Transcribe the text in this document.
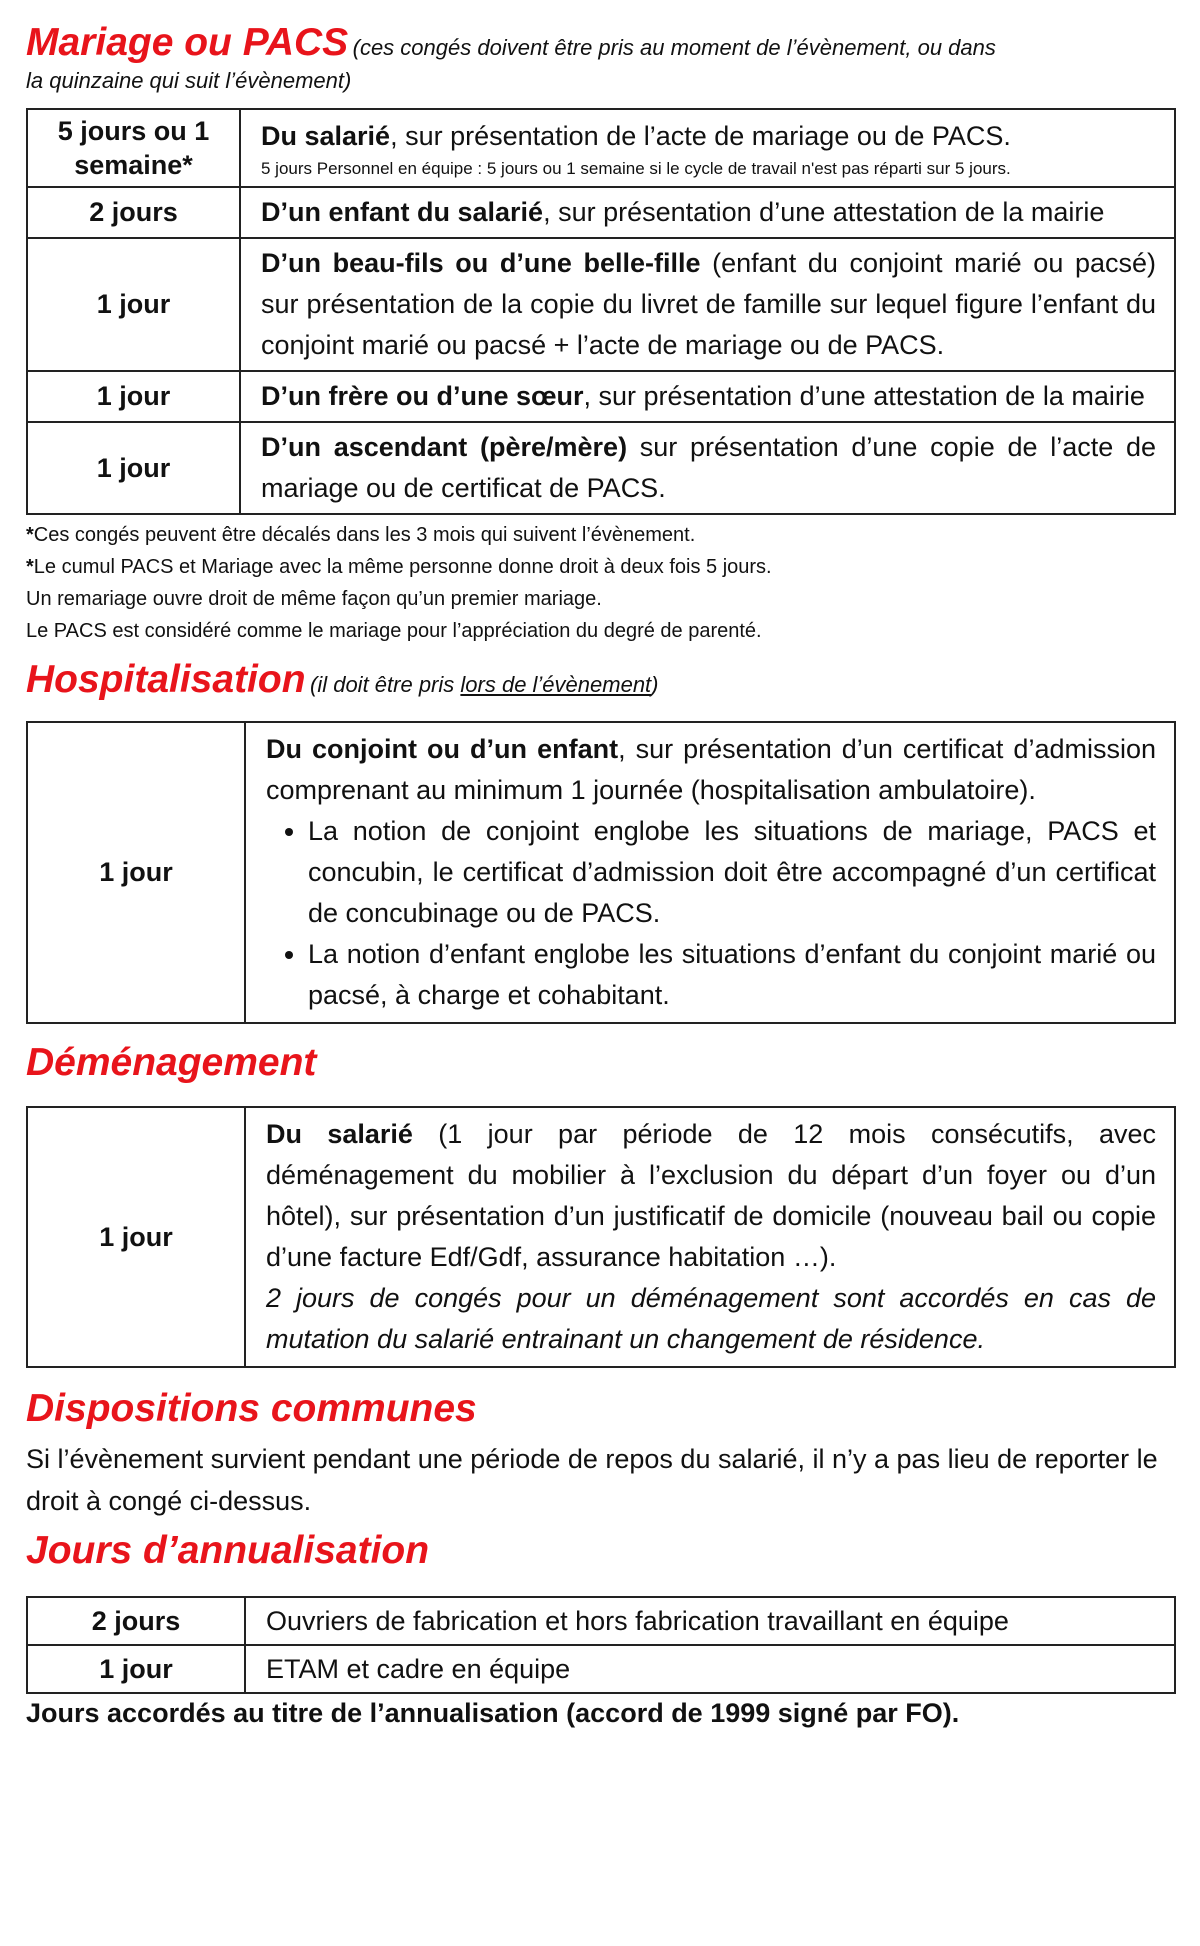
Mariage ou PACS (ces congés doivent être pris au moment de l’évènement, ou dans
la quinzaine qui suit l’évènement)
5 jours ou 1 semaine*	Du salarié, sur présentation de l’acte de mariage ou de PACS.
5 jours Personnel en équipe : 5 jours ou 1 semaine si le cycle de travail n'est pas réparti sur 5 jours.

2 jours	D’un enfant du salarié, sur présentation d’une attestation de la mairie
1 jour	D’un beau-fils ou d’une belle-fille (enfant du conjoint marié ou pacsé) sur présentation de la copie du livret de famille sur lequel figure l’enfant du conjoint marié ou pacsé + l’acte de mariage ou de PACS.
1 jour	D’un frère ou d’une sœur, sur présentation d’une attestation de la mairie
1 jour	D’un ascendant (père/mère) sur présentation d’une copie de l’acte de mariage ou de certificat de PACS.
*Ces congés peuvent être décalés dans les 3 mois qui suivent l’évènement.
*Le cumul PACS et Mariage avec la même personne donne droit à deux fois 5 jours.
Un remariage ouvre droit de même façon qu’un premier mariage.
Le PACS est considéré comme le mariage pour l’appréciation du degré de parenté.
Hospitalisation (il doit être pris lors de l’évènement)
1 jour	Du conjoint ou d’un enfant, sur présentation d’un certificat d’admission comprenant au minimum 1 journée (hospitalisation ambulatoire).
• La notion de conjoint englobe les situations de mariage, PACS et concubin, le certificat d’admission doit être accompagné d’un certificat de concubinage ou de PACS.
• La notion d’enfant englobe les situations d’enfant du conjoint marié ou pacsé, à charge et cohabitant.
Déménagement
1 jour	Du salarié (1 jour par période de 12 mois consécutifs, avec déménagement du mobilier à l’exclusion du départ d’un foyer ou d’un hôtel), sur présentation d’un justificatif de domicile (nouveau bail ou copie d’une facture Edf/Gdf, assurance habitation …).
2 jours de congés pour un déménagement sont accordés en cas de mutation du salarié entrainant un changement de résidence.
Dispositions communes
Si l’évènement survient pendant une période de repos du salarié, il n’y a pas lieu de reporter le droit à congé ci-dessus.
Jours d’annualisation
2 jours	Ouvriers de fabrication et hors fabrication travaillant en équipe
1 jour	ETAM et cadre en équipe
Jours accordés au titre de l’annualisation (accord de 1999 signé par FO).
